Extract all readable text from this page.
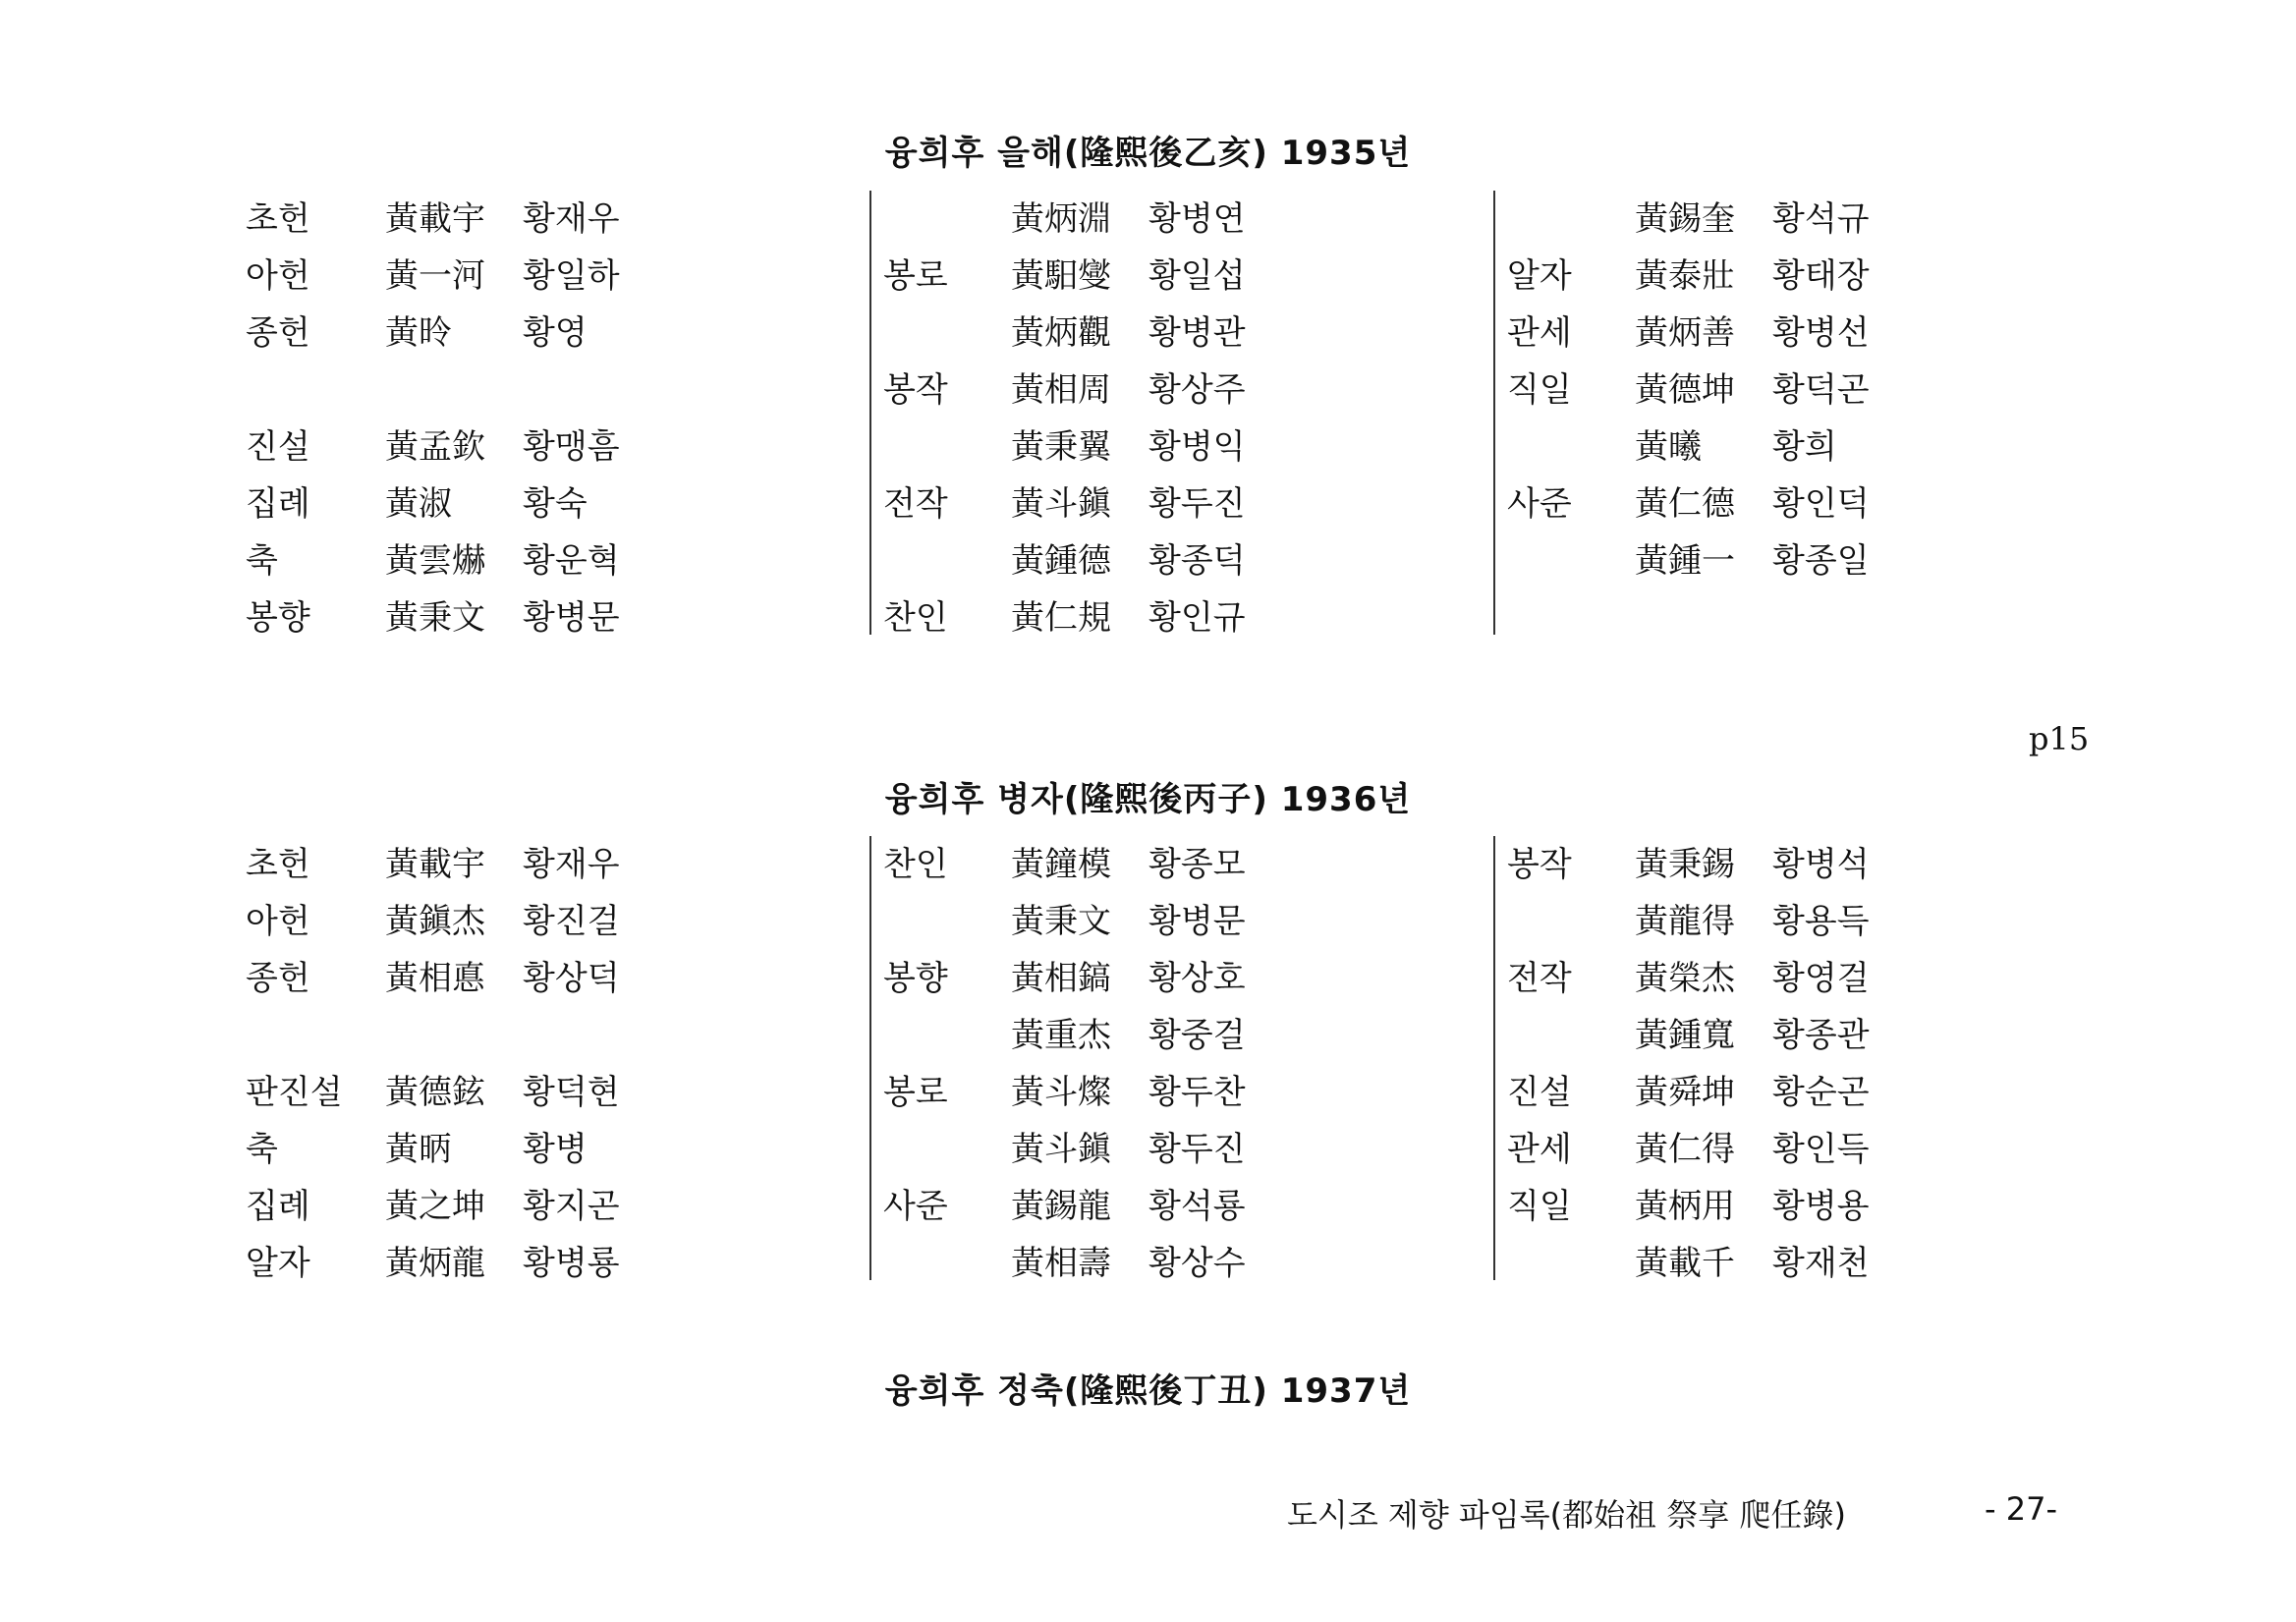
융희후 을해(隆熙後乙亥) 1935년
초헌 黃載宇 황재우
아헌 黃一河 황일하
종헌 黃昤 황영
진설 黃孟欽 황맹흠
집례 黃淑 황숙
축	黃雲爀 황운혁
봉향 黃秉文 황병문
黃炳淵 황병연
봉로 黃馹燮 황일섭
黃炳觀 황병관
봉작 黃相周 황상주
黃秉翼 황병익
전작 黃斗鎭 황두진
黃鍾德 황종덕
찬인 黃仁規 황인규
黃錫奎 황석규
알자 黃泰壯 황태장
관세 黃炳善 황병선
직일 黃德坤 황덕곤
黃曦 황희
사준 黃仁德 황인덕
黃鍾一 황종일
p15
융희후 병자(隆熙後丙子) 1936년
초헌 黃載宇 황재우
아헌 黃鎭杰 황진걸
종헌 黃相悳 황상덕
판진설 黃德鉉 황덕현
축	黃昞 황병
집례 黃之坤 황지곤
알자 黃炳龍 황병룡
찬인 黃鐘模 황종모
黃秉文 황병문
봉향 黃相鎬 황상호
黃重杰 황중걸
봉로 黃斗燦 황두찬
黃斗鎭 황두진
사준 黃錫龍 황석룡
黃相壽 황상수
봉작 黃秉錫 황병석
黃龍得 황용득
전작 黃榮杰 황영걸
黃鍾寬 황종관
진설 黃舜坤 황순곤
관세 黃仁得 황인득
직일 黃柄用 황병용
黃載千 황재천
융희후 정축(隆熙後丁丑) 1937년
도시조 제향 파임록(都始祖 祭享 爬任錄)	- 27-
